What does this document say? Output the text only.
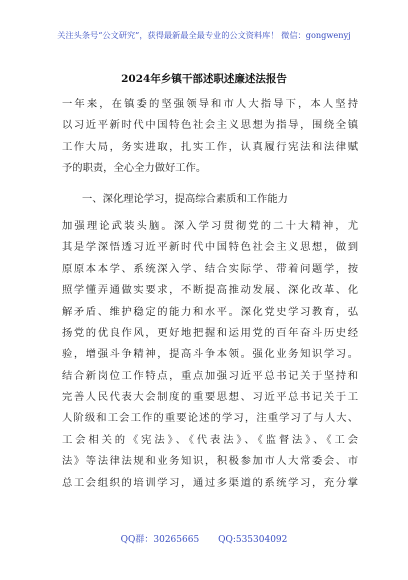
关注头条号“公文研究”，获得最新最全最专业的公文资料库！ 微信：gongwenyj
2024年乡镇干部述职述廉述法报告
一年来，在镇委的坚强领导和市人大指导下，本人坚持
以习近平新时代中国特色社会主义思想为指导，围绕全镇
工作大局，务实进取，扎实工作，认真履行宪法和法律赋
予的职责，全心全力做好工作。
一、深化理论学习，提高综合素质和工作能力
加强理论武装头脑。深入学习贯彻党的二十大精神，尤
其是学深悟透习近平新时代中国特色社会主义思想，做到
原原本本学、系统深入学、结合实际学、带着问题学，按
照学懂弄通做实要求，不断提高推动发展、深化改革、化
解矛盾、维护稳定的能力和水平。深化党史学习教育，弘
扬党的优良作风，更好地把握和运用党的百年奋斗历史经
验，增强斗争精神，提高斗争本领。强化业务知识学习。
结合新岗位工作特点，重点加强习近平总书记关于坚持和
完善人民代表大会制度的重要思想、习近平总书记关于工
人阶级和工会工作的重要论述的学习，注重学习了与人大、
工会相关的《宪法》、《代表法》、《监督法》、《工会
法》等法律法规和业务知识，积极参加市人大常委会、市
总工会组织的培训学习，通过多渠道的系统学习，充分掌
QQ群：30265665 QQ:535304092
